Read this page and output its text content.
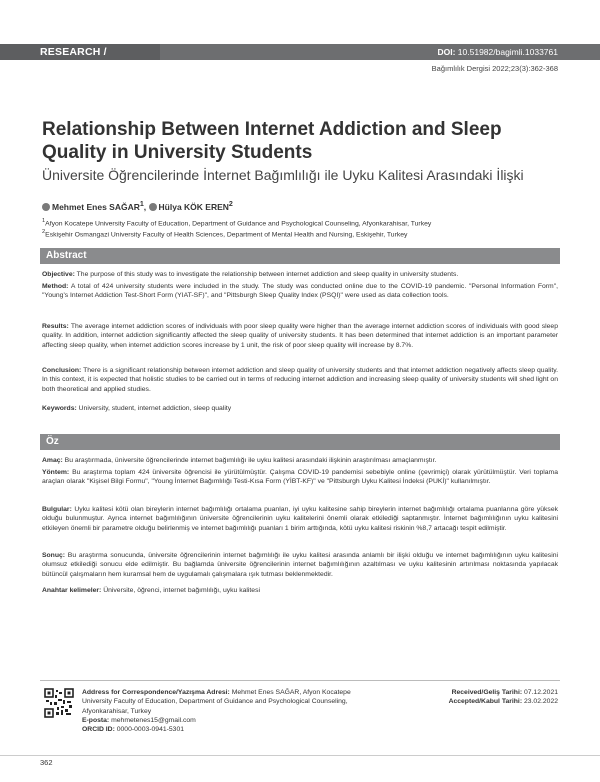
RESEARCH / ARAŞTIRMA
DOI: 10.51982/bagimli.1033761
Bağımlılık Dergisi 2022;23(3):362-368
Relationship Between Internet Addiction and Sleep
Quality in University Students
Üniversite Öğrencilerinde İnternet Bağımlılığı ile Uyku Kalitesi Arasındaki İlişki
Mehmet Enes SAĞAR$^1$, Hülya KÖK EREN$^2$
$^1$Afyon Kocatepe University Faculty of Education, Department of Guidance and Psychological Counseling, Afyonkarahisar, Turkey
$^2$Eskişehir Osmangazi University Faculty of Health Sciences, Department of Mental Health and Nursing, Eskişehir, Turkey
Abstract
Objective: The purpose of this study was to investigate the relationship between internet addiction and sleep quality in university students.
Method: A total of 424 university students were included in the study. The study was conducted online due to the COVID-19 pandemic. "Personal Information Form", "Young's Internet Addiction Test-Short Form (YIAT-SF)", and "Pittsburgh Sleep Quality Index (PSQI)" were used as data collection tools.
Results: The average internet addiction scores of individuals with poor sleep quality were higher than the average internet addiction scores of individuals with good sleep quality. In addition, internet addiction significantly affected the sleep quality of university students. It has been determined that internet addiction is an important parameter affecting sleep quality, when internet addiction scores increase by 1 unit, the risk of poor sleep quality will increase by 8.7%.
Conclusion: There is a significant relationship between internet addiction and sleep quality of university students and that internet addiction negatively affects sleep quality. In this context, it is expected that holistic studies to be carried out in terms of reducing internet addiction and increasing sleep quality of university students will shed light on both theoretical and applied studies.
Keywords: University, student, internet addiction, sleep quality
Öz
Amaç: Bu araştırmada, üniversite öğrencilerinde internet bağımlılığı ile uyku kalitesi arasındaki ilişkinin araştırılması amaçlanmıştır.
Yöntem: Bu araştırma toplam 424 üniversite öğrencisi ile yürütülmüştür. Çalışma COVID-19 pandemisi sebebiyle online (çevrimiçi) olarak yürütülmüştür. Veri toplama araçları olarak "Kişisel Bilgi Formu", "Young İnternet Bağımlılığı Testi-Kısa Form (YİBT-KF)" ve "Pittsburgh Uyku Kalitesi İndeksi (PUKİ)" kullanılmıştır.
Bulgular: Uyku kalitesi kötü olan bireylerin internet bağımlılığı ortalama puanları, iyi uyku kalitesine sahip bireylerin internet bağımlılığı ortalama puanlarına göre yüksek olduğu bulunmuştur. Ayrıca internet bağımlılığının üniversite öğrencilerinin uyku kalitelerini önemli olarak etkilediği saptanmıştır. İnternet bağımlılığının uyku kalitesini etkileyen önemli bir parametre olduğu belirlenmiş ve internet bağımlılığı puanları 1 birim arttığında, kötü uyku kalitesi riskinin %8,7 artacağı tespit edilmiştir.
Sonuç: Bu araştırma sonucunda, üniversite öğrencilerinin internet bağımlılığı ile uyku kalitesi arasında anlamlı bir ilişki olduğu ve internet bağımlılığının uyku kalitesini olumsuz etkilediği sonucu elde edilmiştir. Bu bağlamda üniversite öğrencilerinin internet bağımlılığının azaltılması ve uyku kalitesinin artırılması noktasında yapılacak bütüncül çalışmaların hem kuramsal hem de uygulamalı çalışmalara ışık tutması beklenmektedir.
Anahtar kelimeler: Üniversite, öğrenci, internet bağımlılığı, uyku kalitesi
Address for Correspondence/Yazışma Adresi: Mehmet Enes SAĞAR, Afyon Kocatepe
University Faculty of Education, Department of Guidance and Psychological Counseling,
Afyonkarahisar, Turkey
E-posta: mehmetenes15@gmail.com
ORCID ID: 0000-0003-0941-5301
Received/Geliş Tarihi: 07.12.2021
Accepted/Kabul Tarihi: 23.02.2022
362
